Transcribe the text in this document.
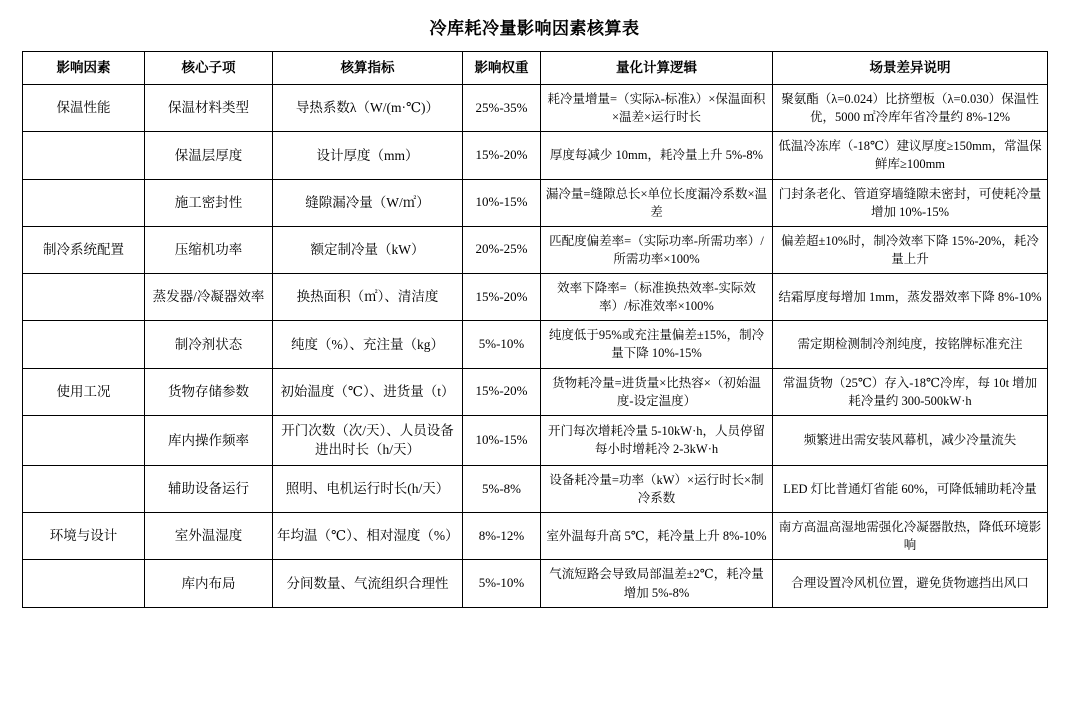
冷库耗冷量影响因素核算表
影响因素	核心子项	核算指标	影响权重	量化计算逻辑	场景差异说明
保温性能	保温材料类型	导热系数λ（W/(m·℃)）	25%-35%	耗冷量增量=（实际λ-标准λ）×保温面积×温差×运行时长	聚氨酯（λ=0.024）比挤塑板（λ=0.030）保温性优，5000 ㎡冷库年省冷量约 8%-12%
	保温层厚度	设计厚度（mm）	15%-20%	厚度每减少 10mm，耗冷量上升 5%-8%	低温冷冻库（-18℃）建议厚度≥150mm，常温保鲜库≥100mm
	施工密封性	缝隙漏冷量（W/㎡）	10%-15%	漏冷量=缝隙总长×单位长度漏冷系数×温差	门封条老化、管道穿墙缝隙未密封，可使耗冷量增加 10%-15%
制冷系统配置	压缩机功率	额定制冷量（kW）	20%-25%	匹配度偏差率=（实际功率-所需功率）/所需功率×100%	偏差超±10%时，制冷效率下降 15%-20%，耗冷量上升
	蒸发器/冷凝器效率	换热面积（㎡）、清洁度	15%-20%	效率下降率=（标准换热效率-实际效率）/标准效率×100%	结霜厚度每增加 1mm，蒸发器效率下降 8%-10%
	制冷剂状态	纯度（%）、充注量（kg）	5%-10%	纯度低于95%或充注量偏差±15%，制冷量下降 10%-15%	需定期检测制冷剂纯度，按铭牌标准充注
使用工况	货物存储参数	初始温度（℃）、进货量（t）	15%-20%	货物耗冷量=进货量×比热容×（初始温度-设定温度）	常温货物（25℃）存入-18℃冷库，每 10t 增加耗冷量约 300-500kW·h
	库内操作频率	开门次数（次/天）、人员设备进出时长（h/天）	10%-15%	开门每次增耗冷量 5-10kW·h，人员停留每小时增耗冷 2-3kW·h	频繁进出需安装风幕机，减少冷量流失
	辅助设备运行	照明、电机运行时长(h/天）	5%-8%	设备耗冷量=功率（kW）×运行时长×制冷系数	LED 灯比普通灯省能 60%，可降低辅助耗冷量
环境与设计	室外温湿度	年均温（℃）、相对湿度（%）	8%-12%	室外温每升高 5℃，耗冷量上升 8%-10%	南方高温高湿地需强化冷凝器散热，降低环境影响
	库内布局	分间数量、气流组织合理性	5%-10%	气流短路会导致局部温差±2℃，耗冷量增加 5%-8%	合理设置冷风机位置，避免货物遮挡出风口
